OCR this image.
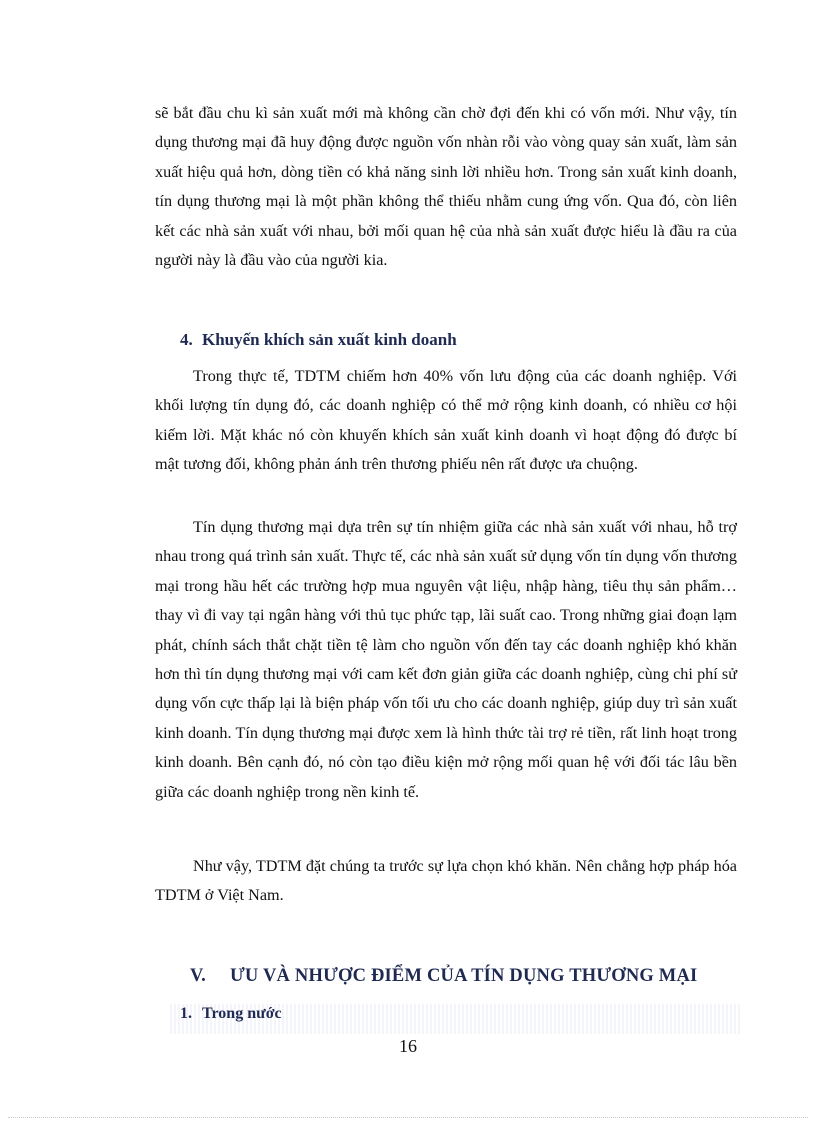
sẽ bắt đầu chu kì sản xuất mới mà không cần chờ đợi đến khi có vốn mới. Như vậy, tín dụng thương mại đã huy động được nguồn vốn nhàn rỗi vào vòng quay sản xuất, làm sản xuất hiệu quả hơn, dòng tiền có khả năng sinh lời nhiều hơn. Trong sản xuất kinh doanh, tín dụng thương mại là một phần không thể thiếu nhằm cung ứng vốn. Qua đó, còn liên kết các nhà sản xuất với nhau, bởi mối quan hệ của nhà sản xuất được hiểu là đầu ra của người này là đầu vào của người kia.

4. Khuyến khích sản xuất kinh doanh

Trong thực tế, TDTM chiếm hơn 40% vốn lưu động của các doanh nghiệp. Với khối lượng tín dụng đó, các doanh nghiệp có thể mở rộng kinh doanh, có nhiều cơ hội kiếm lời. Mặt khác nó còn khuyến khích sản xuất kinh doanh vì hoạt động đó được bí mật tương đối, không phản ánh trên thương phiếu nên rất được ưa chuộng.

Tín dụng thương mại dựa trên sự tín nhiệm giữa các nhà sản xuất với nhau, hỗ trợ nhau trong quá trình sản xuất. Thực tế, các nhà sản xuất sử dụng vốn tín dụng vốn thương mại trong hầu hết các trường hợp mua nguyên vật liệu, nhập hàng, tiêu thụ sản phẩm… thay vì đi vay tại ngân hàng với thủ tục phức tạp, lãi suất cao. Trong những giai đoạn lạm phát, chính sách thắt chặt tiền tệ làm cho nguồn vốn đến tay các doanh nghiệp khó khăn hơn thì tín dụng thương mại với cam kết đơn giản giữa các doanh nghiệp, cùng chi phí sử dụng vốn cực thấp lại là biện pháp vốn tối ưu cho các doanh nghiệp, giúp duy trì sản xuất kinh doanh. Tín dụng thương mại được xem là hình thức tài trợ rẻ tiền, rất linh hoạt trong kinh doanh. Bên cạnh đó, nó còn tạo điều kiện mở rộng mối quan hệ với đối tác lâu bền giữa các doanh nghiệp trong nền kinh tế.

Như vậy, TDTM đặt chúng ta trước sự lựa chọn khó khăn. Nên chẳng hợp pháp hóa TDTM ở Việt Nam.

V. ƯU VÀ NHƯỢC ĐIỂM CỦA TÍN DỤNG THƯƠNG MẠI
1. Trong nước

16
